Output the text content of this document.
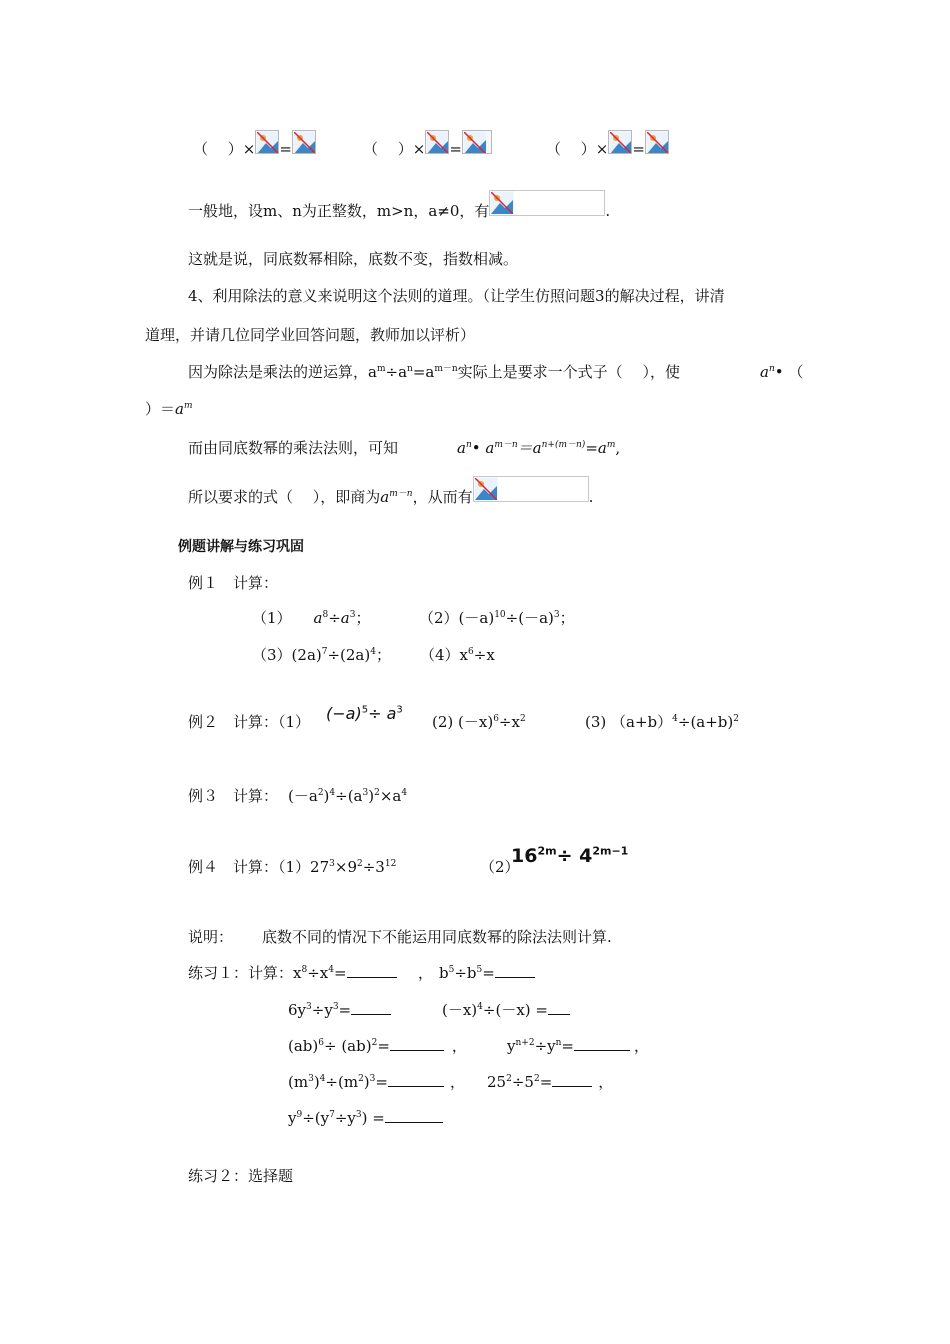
（　 ）× =	（　 ）× =	（　 ）× =
一般地，设m、n为正整数，m>n，a≠0，有	.
这就是说，同底数幂相除，底数不变，指数相减。
4、利用除法的意义来说明这个法则的道理。（让学生仿照问题3的解决过程，讲清
道理，并请几位同学业回答问题，教师加以评析）
因为除法是乘法的逆运算，$a^m\div a^n=a^{m-n}$实际上是要求一个式子（　 ），使	$a^n•$ （
）$=a^m$
而由同底数幂的乘法法则，可知	$a^n•$ $a^{m-n}=a^{n+(m-n)}=a^m$,
所以要求的式（　 ），即商为$a^{m-n}$，从而有	.
例题讲解与练习巩固
例１　计算：
（1） $a^8\div a^3$；	$(2)(-a)^{10}\div(-a)^3$；
$(3)(2a)^7\div(2a)^4$； $(4)x^6\div x$
例２　计算：（1） $(-a)^5\div a^3$
(2) $(-x)^6\div x^2$	(3) $(a+b)^4\div(a+b)^2$
例３　计算： $(-a^2)^4\div(a^3)^2\times a^4$
例４　计算：$(1)27^3\times 9^2\div 3^{12}$	（2）
$16^{2m}\div 4^{2m-1}$
说明： 底数不同的情况下不能运用同底数幂的除法法则计算.
练习１：计算：$x^8\div x^4=$	， $b^5\div b^5=$
$6y^3\div y^3=$	$(-x)^4\div(-x)$ =
(ab)$^6$÷ (ab)$^2$=	，	$y^{n+2}\div y^n=$	，
$(m^3)^4\div(m^2)^3=$	， $25^2\div 5^2=$	，
$y^9\div(y^7\div y^3)$ =
练习２：选择题
